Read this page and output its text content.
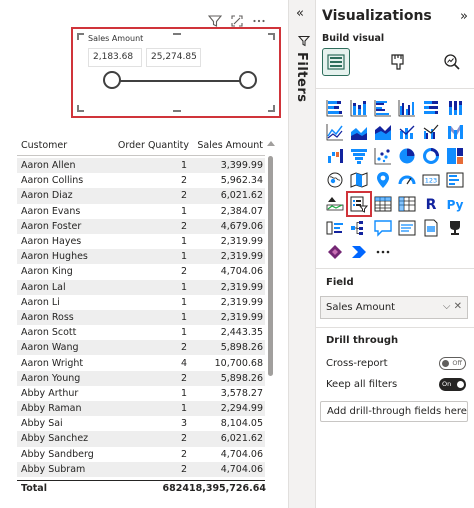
Sales Amount
2,183.68	25,274.85
Customer	Order Quantity Sales Amount
Aaron Allen	1	3,399.99
Aaron Collins	2	5,962.34
Aaron Diaz	2	6,021.62
Aaron Evans	1	2,384.07
Aaron Foster	2	4,679.06
Aaron Hayes	1	2,319.99
Aaron Hughes	1	2,319.99
Aaron King	2	4,704.06
Aaron Lal	1	2,319.99
Aaron Li	1	2,319.99
Aaron Ross	1	2,319.99
Aaron Scott	1	2,443.35
Aaron Wang	2	5,898.26
Aaron Wright	4	10,700.68
Aaron Young	2	5,898.26
Abby Arthur	1	3,578.27
Abby Raman	1	2,294.99
Abby Sai	3	8,104.05
Abby Sanchez	2	6,021.62
Abby Sandberg	2	4,704.06
Abby Subram	2	4,704.06
Total	6824 18,395,726.64
«
Filters
Visualizations »
Build visual
123
R Py
Field
Sales Amount	⌵ ✕
Drill through
Cross-report	Off
Keep all filters	On
Add drill-through fields here
